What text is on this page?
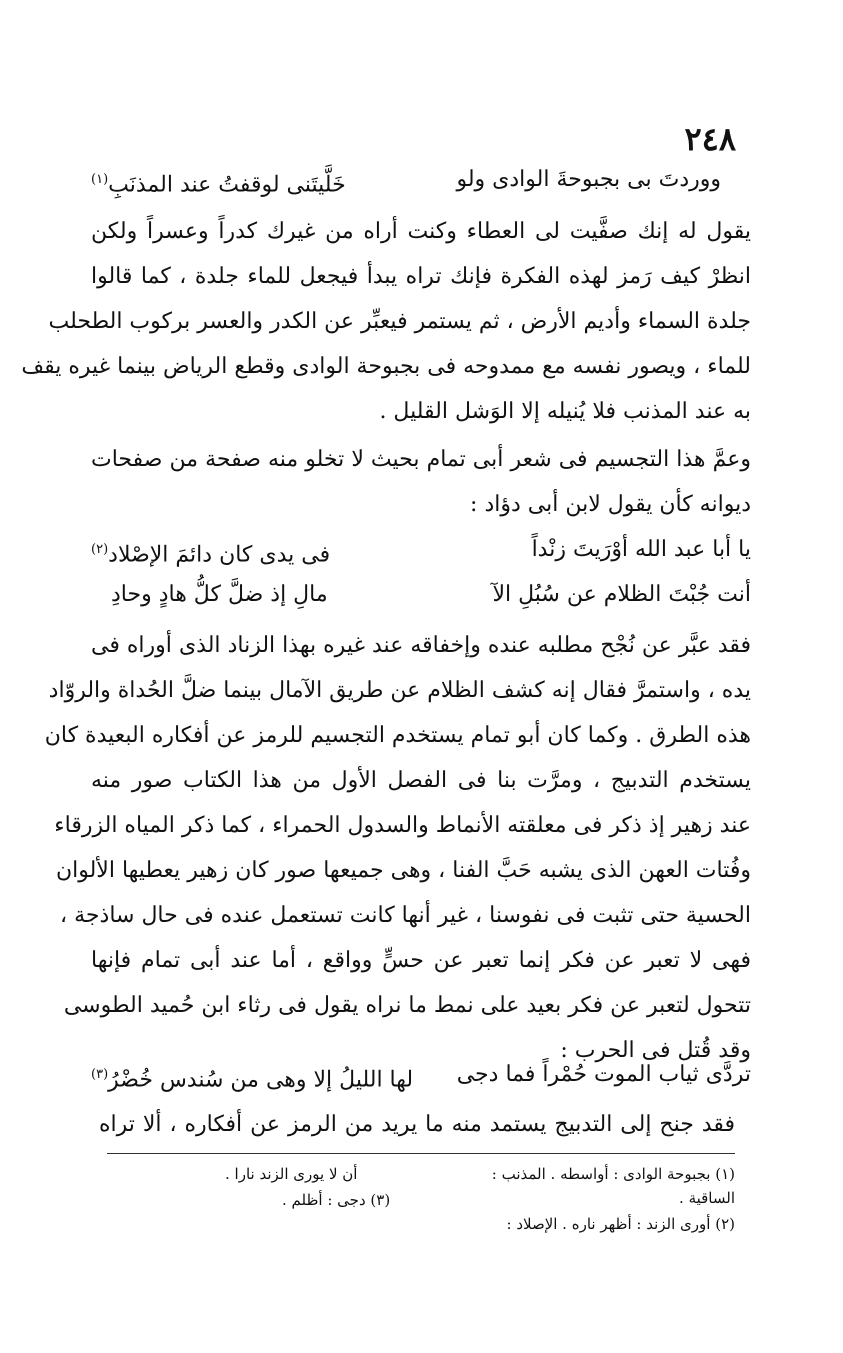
٢٤٨
ووردتَ بى بجبوحةَ الوادى ولو
خَلَّيتَنى لوقفتُ عند المذنَبِ$^{(١)}$
يقول له إنك صفَّيت لى العطاء وكنت أراه من غيرك كدراً وعسراً ولكن
انظرْ كيف رَمز لهذه الفكرة فإنك تراه يبدأ فيجعل للماء جلدة ، كما قالوا
جلدة السماء وأديم الأرض ، ثم يستمر فيعبِّر عن الكدر والعسر بركوب الطحلب
للماء ، ويصور نفسه مع ممدوحه فى بجبوحة الوادى وقطع الرياض بينما غيره يقف
به عند المذنب فلا يُنيله إلا الوَشل القليل .
وعمَّ هذا التجسيم فى شعر أبى تمام بحيث لا تخلو منه صفحة من صفحات
ديوانه كأن يقول لابن أبى دؤاد :
يا أبا عبد الله أوْرَيتَ زنْداً
فى يدى كان دائمَ الإصْلاد$^{(٢)}$
أنت جُبْتَ الظلام عن سُبُلِ الآ
مالِ إذ ضلَّ كلُّ هادٍ وحادِ
فقد عبَّر عن نُجْح مطلبه عنده وإخفاقه عند غيره بهذا الزناد الذى أوراه فى
يده ، واستمرَّ فقال إنه كشف الظلام عن طريق الآمال بينما ضلَّ الحُداة والروّاد
هذه الطرق . وكما كان أبو تمام يستخدم التجسيم للرمز عن أفكاره البعيدة كان
يستخدم التدبيج ، ومرَّت بنا فى الفصل الأول من هذا الكتاب صور منه
عند زهير إذ ذكر فى معلقته الأنماط والسدول الحمراء ، كما ذكر المياه الزرقاء
وفُتات العهن الذى يشبه حَبَّ الفنا ، وهى جميعها صور كان زهير يعطيها الألوان
الحسية حتى تثبت فى نفوسنا ، غير أنها كانت تستعمل عنده فى حال ساذجة ،
فهى لا تعبر عن فكر إنما تعبر عن حسٍّ وواقع ، أما عند أبى تمام فإنها
تتحول لتعبر عن فكر بعيد على نمط ما نراه يقول فى رثاء ابن حُميد الطوسى
وقد قُتل فى الحرب :
تردَّى ثياب الموت حُمْراً فما دجى
لها الليلُ إلا وهى من سُندس خُضْرُ$^{(٣)}$
فقد جنح إلى التدبيج يستمد منه ما يريد من الرمز عن أفكاره ، ألا تراه
(١) بجبوحة الوادى : أواسطه . المذنب :
الساقية .
(٢) أورى الزند : أظهر ناره . الإصلاد :
أن لا يورى الزند نارا .
(٣) دجى : أظلم .
